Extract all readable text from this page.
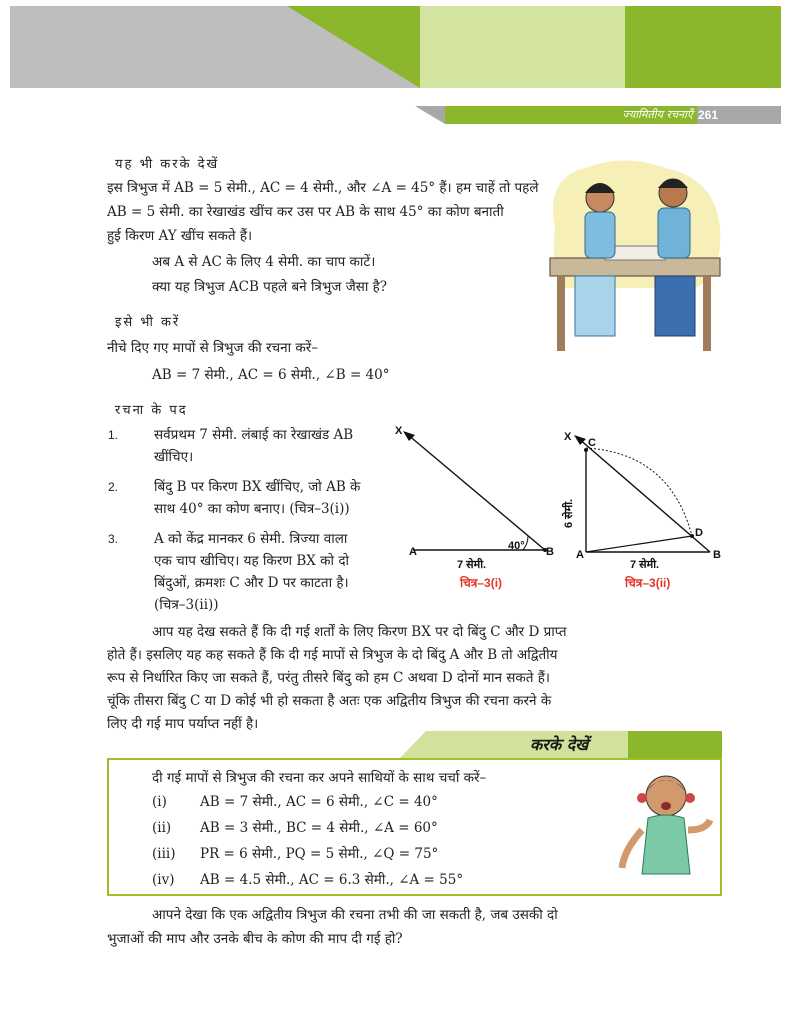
ज्यामितीय रचनाएँ 261
यह भी करके देखें
इस त्रिभुज में AB = 5 सेमी., AC = 4 सेमी., और ∠A = 45° हैं। हम चाहें तो पहले
AB = 5 सेमी. का रेखाखंड खींच कर उस पर AB के साथ 45° का कोण बनाती
हुई किरण AY खींच सकते हैं।
अब A से AC के लिए 4 सेमी. का चाप काटें।
क्या यह त्रिभुज ACB पहले बने त्रिभुज जैसा है?
इसे भी करें
नीचे दिए गए मापों से त्रिभुज की रचना करें–
AB = 7 सेमी., AC = 6 सेमी., ∠B = 40°
रचना के पद
1.	सर्वप्रथम 7 सेमी. लंबाई का रेखाखंड AB
खींचिए।
2.	बिंदु B पर किरण BX खींचिए, जो AB के
साथ 40° का कोण बनाए। (चित्र–3(i))
3.	A को केंद्र मानकर 6 सेमी. त्रिज्या वाला
एक चाप खीचिए। यह किरण BX को दो
बिंदुओं, क्रमशः C और D पर काटता है।
(चित्र–3(ii))
X
A	B
40°
7 सेमी.
चित्र–3(i)
X C
D
A	B
6 सेमी.
7 सेमी.
चित्र–3(ii)
आप यह देख सकते हैं कि दी गई शर्तों के लिए किरण BX पर दो बिंदु C और D प्राप्त
होते हैं। इसलिए यह कह सकते हैं कि दी गई मापों से त्रिभुज के दो बिंदु A और B तो अद्वितीय
रूप से निर्धारित किए जा सकते हैं, परंतु तीसरे बिंदु को हम C अथवा D दोनों मान सकते हैं।
चूंकि तीसरा बिंदु C या D कोई भी हो सकता है अतः एक अद्वितीय त्रिभुज की रचना करने के
लिए दी गई माप पर्याप्त नहीं है।
करके देखें
दी गई मापों से त्रिभुज की रचना कर अपने साथियों के साथ चर्चा करें–
(i) AB = 7 सेमी., AC = 6 सेमी., ∠C = 40°
(ii) AB = 3 सेमी., BC = 4 सेमी., ∠A = 60°
(iii) PR = 6 सेमी., PQ = 5 सेमी., ∠Q = 75°
(iv) AB = 4.5 सेमी., AC = 6.3 सेमी., ∠A = 55°
आपने देखा कि एक अद्वितीय त्रिभुज की रचना तभी की जा सकती है, जब उसकी दो
भुजाओं की माप और उनके बीच के कोण की माप दी गई हो?
